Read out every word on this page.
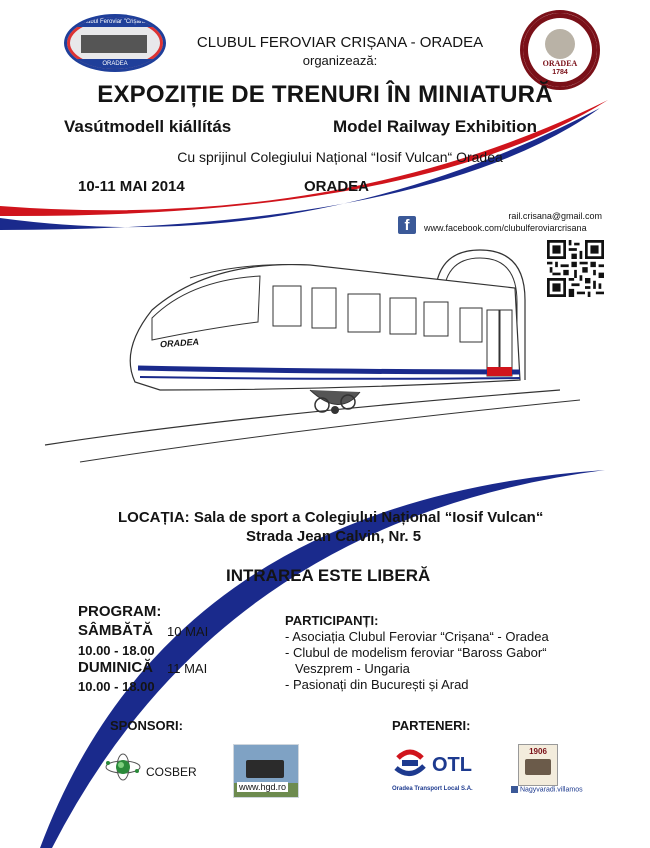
Clubul Feroviar "Crișana"
ORADEA	ORADEA
1784
CLUBUL FEROVIAR CRIȘANA - ORADEA
organizează:
EXPOZIȚIE DE TRENURI ÎN MINIATURĂ
Vasútmodell kiállítás	Model Railway Exhibition
Cu sprijinul Colegiului Național “Iosif Vulcan“ Oradea
10-11 MAI 2014	ORADEA
rail.crisana@gmail.com
f	www.facebook.com/clubulferoviarcrisana
ORADEA
LOCAȚIA: Sala de sport a Colegiului Național “Iosif Vulcan“
Strada Jean Calvin, Nr. 5
INTRAREA ESTE LIBERĂ
PROGRAM:
SÂMBĂTĂ 10 MAI
10.00 - 18.00
DUMINICĂ 11 MAI
10.00 - 18.00
PARTICIPANȚI:
- Asociația Clubul Feroviar “Crișana“ - Oradea
- Clubul de modelism feroviar “Baross Gabor“
Veszprem - Ungaria
- Pasionați din București și Arad
SPONSORI:
COSBER
www.hgd.ro
PARTENERI:
OTL
Oradea Transport Local S.A.
1906
Nagyvaradi.villamos
